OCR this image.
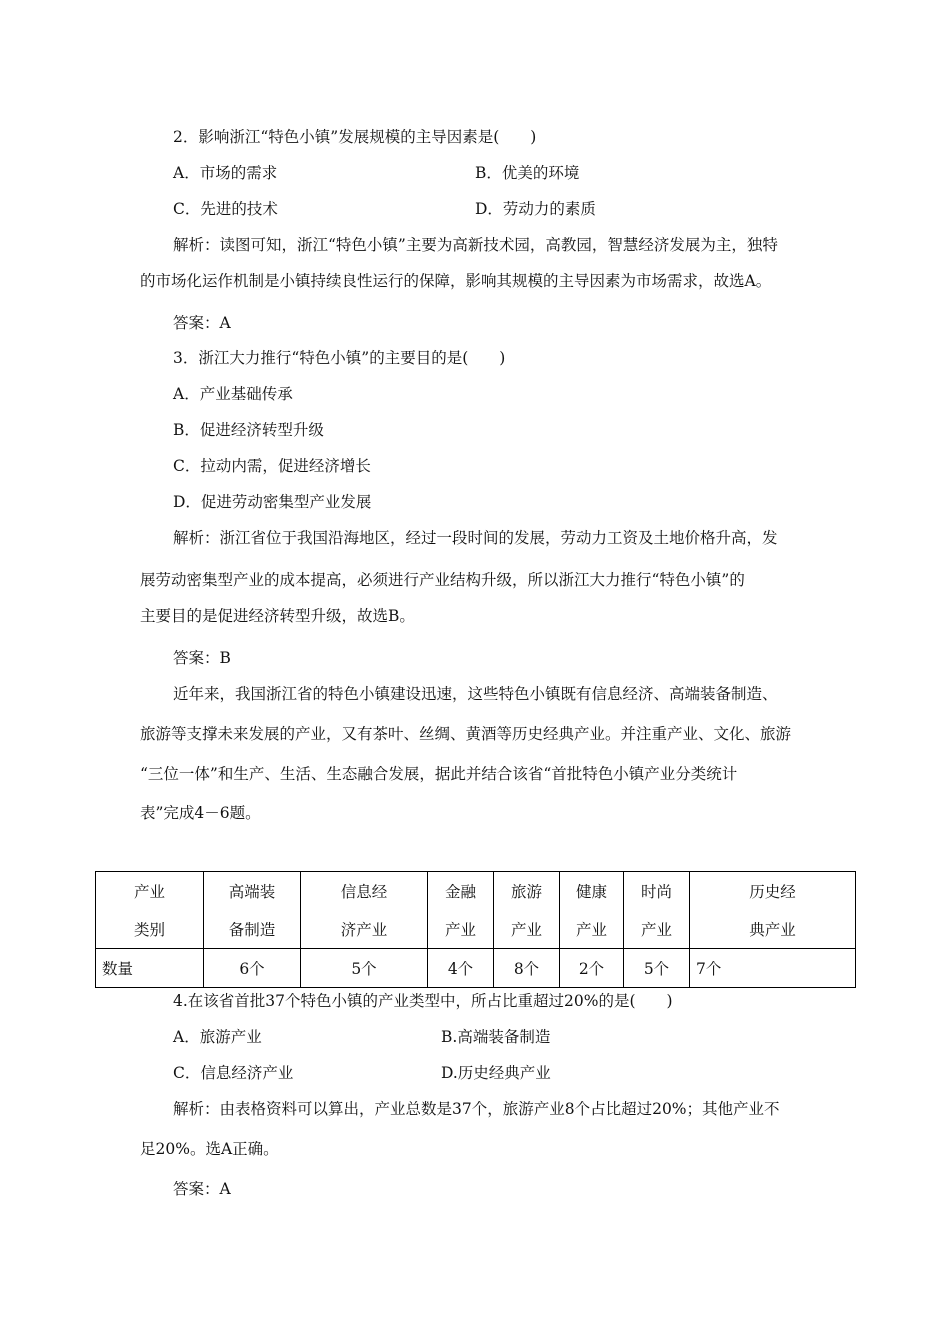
2．影响浙江“特色小镇”发展规模的主导因素是(　　)
A．市场的需求	B．优美的环境
C．先进的技术	D．劳动力的素质
解析：读图可知，浙江“特色小镇”主要为高新技术园，高教园，智慧经济发展为主，独特
的市场化运作机制是小镇持续良性运行的保障，影响其规模的主导因素为市场需求，故选A。
答案：A
3．浙江大力推行“特色小镇”的主要目的是(　　)
A．产业基础传承
B．促进经济转型升级
C．拉动内需，促进经济增长
D．促进劳动密集型产业发展
解析：浙江省位于我国沿海地区，经过一段时间的发展，劳动力工资及土地价格升高，发
展劳动密集型产业的成本提高，必须进行产业结构升级，所以浙江大力推行“特色小镇”的
主要目的是促进经济转型升级，故选B。
答案：B
近年来，我国浙江省的特色小镇建设迅速，这些特色小镇既有信息经济、高端装备制造、
旅游等支撑未来发展的产业，又有茶叶、丝绸、黄酒等历史经典产业。并注重产业、文化、旅游
“三位一体”和生产、生活、生态融合发展，据此并结合该省“首批特色小镇产业分类统计
表”完成4－6题。
产业	高端装	信息经	金融	旅游	健康	时尚	历史经
类别	备制造	济产业	产业	产业	产业	产业	典产业
数量	6个	5个	4个	8个	2个	5个	7个
4.在该省首批37个特色小镇的产业类型中，所占比重超过20%的是(　　)
A．旅游产业	B.高端装备制造
C．信息经济产业	D.历史经典产业
解析：由表格资料可以算出，产业总数是37个，旅游产业8个占比超过20%；其他产业不
足20%。选A正确。
答案：A
